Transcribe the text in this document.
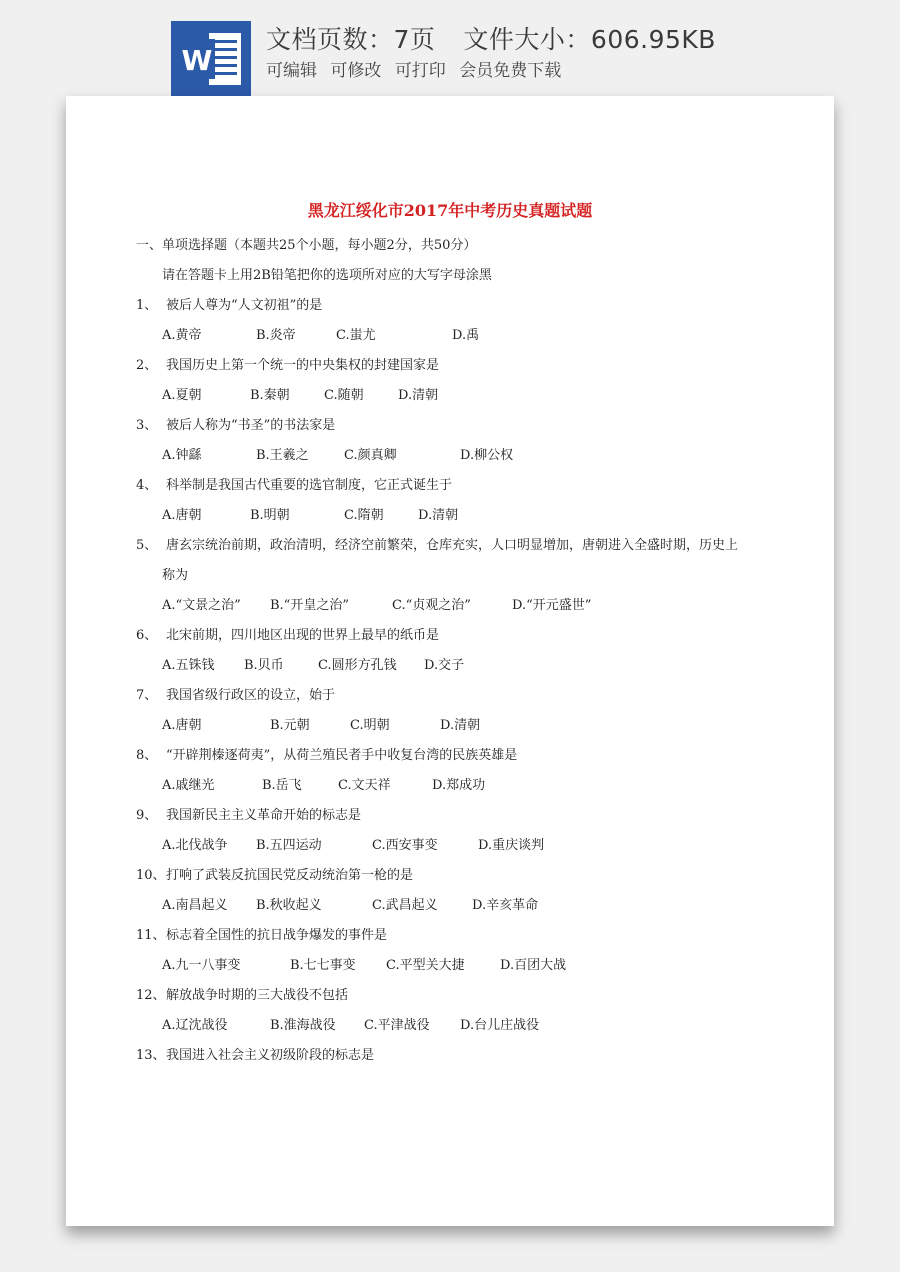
W
文档页数：7页 文件大小：606.95KB
可编辑 可修改 可打印 会员免费下载
黑龙江绥化市2017年中考历史真题试题
一、单项选择题（本题共25个小题，每小题2分，共50分）
请在答题卡上用2B铅笔把你的选项所对应的大写字母涂黑
1、 被后人尊为“人文初祖”的是
A.黄帝	B.炎帝	C.蚩尤	D.禹
2、 我国历史上第一个统一的中央集权的封建国家是
A.夏朝	B.秦朝	C.随朝	D.清朝
3、 被后人称为“书圣”的书法家是
A.钟繇	B.王羲之	C.颜真卿	D.柳公权
4、 科举制是我国古代重要的选官制度，它正式诞生于
A.唐朝	B.明朝	C.隋朝	D.清朝
5、 唐玄宗统治前期，政治清明，经济空前繁荣，仓库充实，人口明显增加，唐朝进入全盛时期，历史上
称为
A.“文景之治” B.“开皇之治”	C.“贞观之治”	D.“开元盛世”
6、 北宋前期，四川地区出现的世界上最早的纸币是
A.五铢钱 B.贝币	C.圆形方孔钱 D.交子
7、 我国省级行政区的设立，始于
A.唐朝	B.元朝	C.明朝	D.清朝
8、 “开辟荆榛逐荷夷”，从荷兰殖民者手中收复台湾的民族英雄是
A.戚继光	B.岳飞	C.文天祥	D.郑成功
9、 我国新民主主义革命开始的标志是
A.北伐战争 B.五四运动	C.西安事变	D.重庆谈判
10、打响了武装反抗国民党反动统治第一枪的是
A.南昌起义 B.秋收起义	C.武昌起义	D.辛亥革命
11、标志着全国性的抗日战争爆发的事件是
A.九一八事变	B.七七事变 C.平型关大捷	D.百团大战
12、解放战争时期的三大战役不包括
A.辽沈战役	B.淮海战役 C.平津战役 D.台儿庄战役
13、我国进入社会主义初级阶段的标志是
